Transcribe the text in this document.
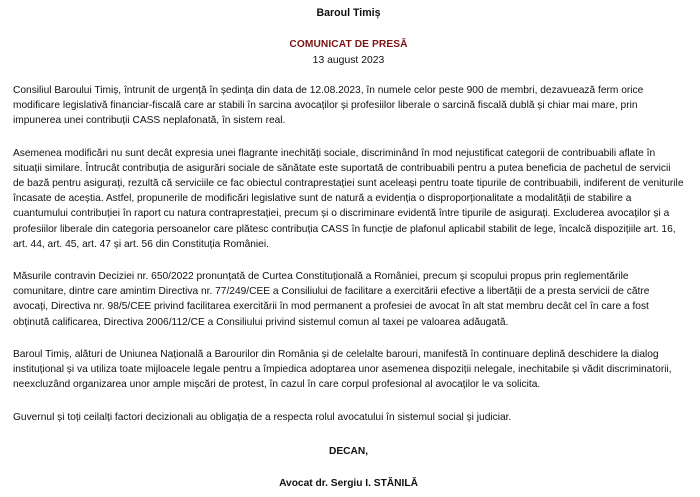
Baroul Timiș
COMUNICAT DE PRESĂ
13 august 2023

Consiliul Baroului Timiș, întrunit de urgență în ședința din data de 12.08.2023, în numele celor peste 900 de membri, dezavuează ferm orice modificare legislativă financiar-fiscală care ar stabili în sarcina avocaților și profesiilor liberale o sarcină fiscală dublă și chiar mai mare, prin impunerea unei contribuții CASS neplafonată, în sistem real.

Asemenea modificări nu sunt decât expresia unei flagrante inechități sociale, discriminând în mod nejustificat categorii de contribuabili aflate în situații similare. Întrucât contribuția de asigurări sociale de sănătate este suportată de contribuabili pentru a putea beneficia de pachetul de servicii de bază pentru asigurați, rezultă că serviciile ce fac obiectul contraprestației sunt aceleași pentru toate tipurile de contribuabili, indiferent de veniturile încasate de aceștia. Astfel, propunerile de modificări legislative sunt de natură a evidenția o disproporționalitate a modalității de stabilire a cuantumului contribuției în raport cu natura contraprestației, precum și o discriminare evidentă între tipurile de asigurați. Excluderea avocaților și a profesiilor liberale din categoria persoanelor care plătesc contribuția CASS în funcție de plafonul aplicabil stabilit de lege, încalcă dispozițiile art. 16, art. 44, art. 45, art. 47 și art. 56 din Constituția României.

Măsurile contravin Deciziei nr. 650/2022 pronunțată de Curtea Constituțională a României, precum și scopului propus prin reglementările comunitare, dintre care amintim Directiva nr. 77/249/CEE a Consiliului de facilitare a exercitării efective a libertății de a presta servicii de către avocați, Directiva nr. 98/5/CEE privind facilitarea exercitării în mod permanent a profesiei de avocat în alt stat membru decât cel în care a fost obținută calificarea, Directiva 2006/112/CE a Consiliului privind sistemul comun al taxei pe valoarea adăugată.

Baroul Timiș, alături de Uniunea Națională a Barourilor din România și de celelalte barouri, manifestă în continuare deplină deschidere la dialog instituțional și va utiliza toate mijloacele legale pentru a împiedica adoptarea unor asemenea dispoziții nelegale, inechitabile și vădit discriminatorii, neexcluzând organizarea unor ample mișcări de protest, în cazul în care corpul profesional al avocaților le va solicita.

Guvernul și toți ceilalți factori decizionali au obligația de a respecta rolul avocatului în sistemul social și judiciar.

DECAN,
Avocat dr. Sergiu I. STĂNILĂ
